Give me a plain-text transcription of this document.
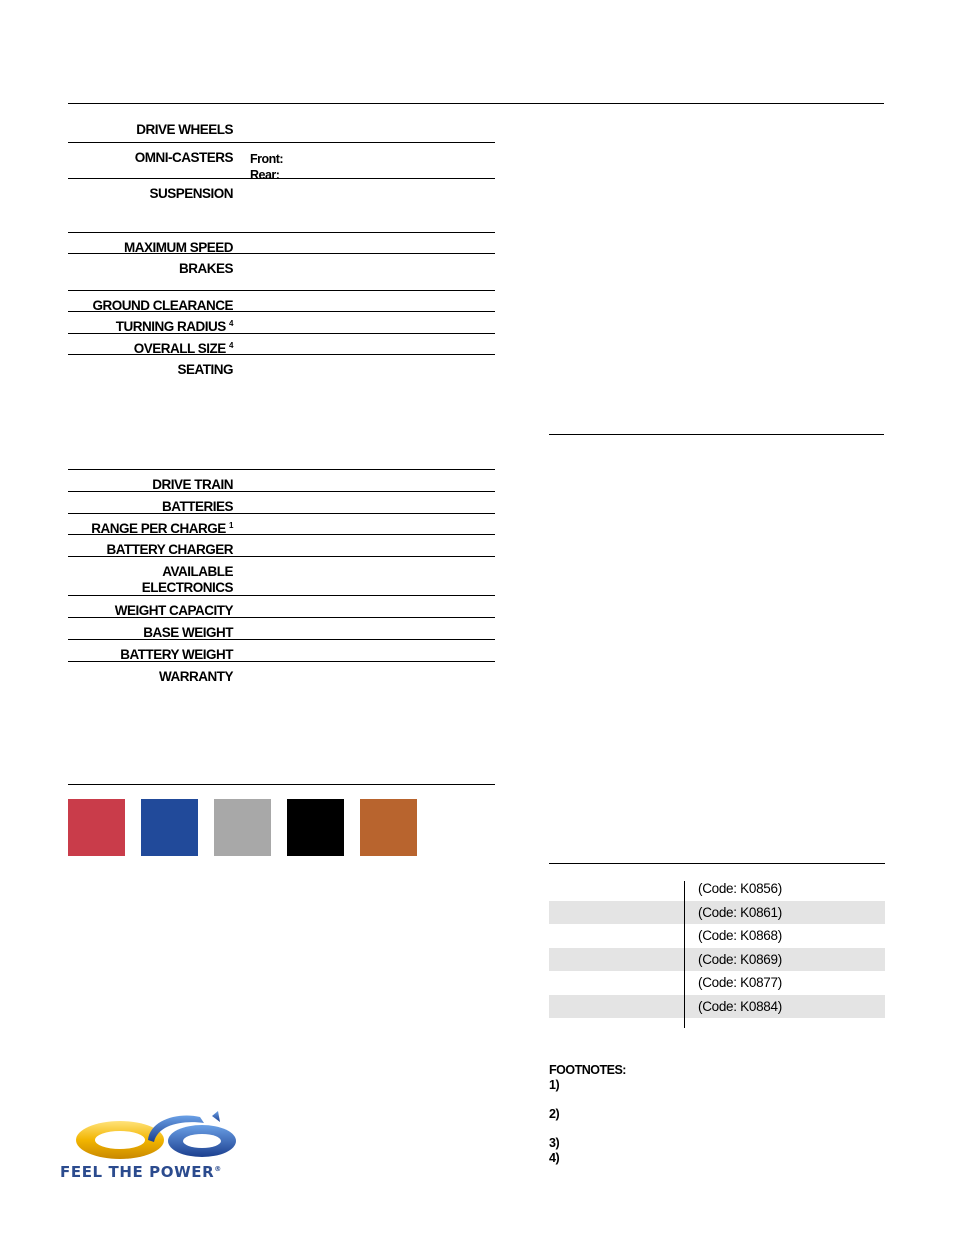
DRIVE WHEELS
OMNI-CASTERS Front:
Rear:
SUSPENSION
MAXIMUM SPEED
BRAKES
GROUND CLEARANCE
TURNING RADIUS $^4$
OVERALL SIZE $^4$
SEATING
DRIVE TRAIN
BATTERIES
RANGE PER CHARGE $^1$
BATTERY CHARGER
AVAILABLE
ELECTRONICS
WEIGHT CAPACITY
BASE WEIGHT
BATTERY WEIGHT
WARRANTY
(Code: K0856)
(Code: K0861)
(Code: K0868)
(Code: K0869)
(Code: K0877)
(Code: K0884)
FOOTNOTES:
1)
2)
3)
4)
FEEL THE POWER®
